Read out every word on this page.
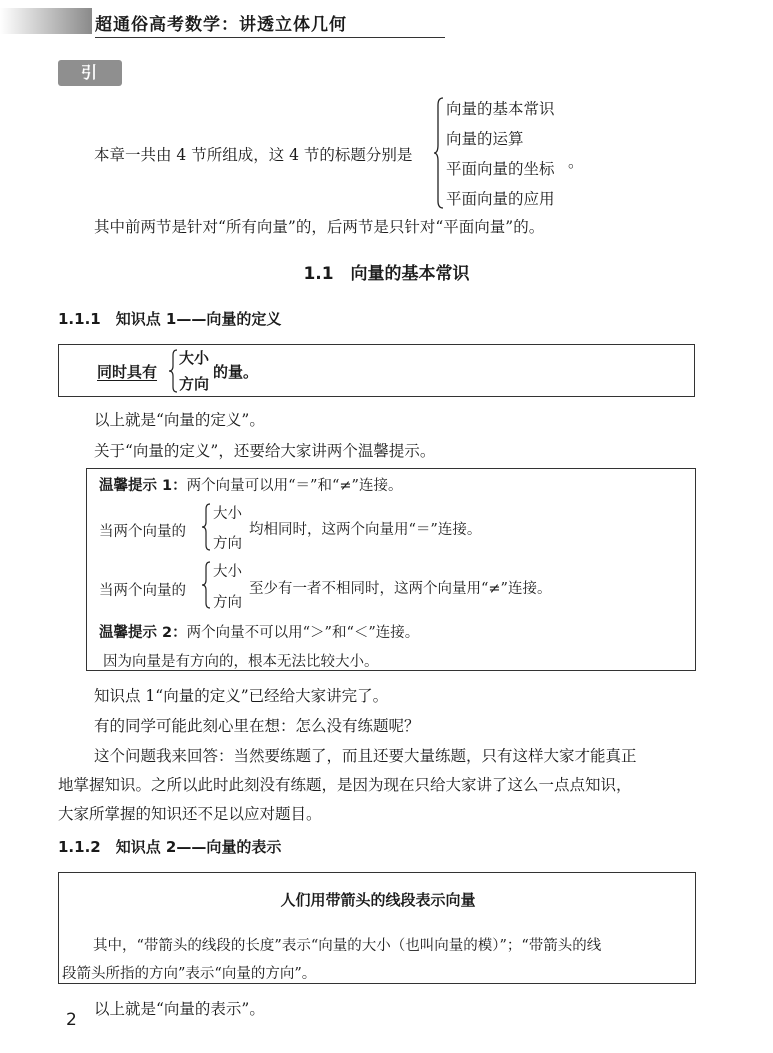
超通俗高考数学：讲透立体几何
引言
本章一共由 4 节所组成，这 4 节的标题分别是
向量的基本常识
向量的运算
平面向量的坐标
平面向量的应用
。
其中前两节是针对“所有向量”的，后两节是只针对“平面向量”的。
1.1　向量的基本常识
1.1.1　知识点 1——向量的定义
同时具有
大小
方向
的量。
以上就是“向量的定义”。
关于“向量的定义”，还要给大家讲两个温馨提示。
温馨提示 1：两个向量可以用“＝”和“≠”连接。
当两个向量的
大小
方向
均相同时，这两个向量用“＝”连接。
当两个向量的
大小
方向
至少有一者不相同时，这两个向量用“≠”连接。
温馨提示 2：两个向量不可以用“＞”和“＜”连接。
因为向量是有方向的，根本无法比较大小。
知识点 1“向量的定义”已经给大家讲完了。
有的同学可能此刻心里在想：怎么没有练题呢？
这个问题我来回答：当然要练题了，而且还要大量练题，只有这样大家才能真正
地掌握知识。之所以此时此刻没有练题，是因为现在只给大家讲了这么一点点知识，
大家所掌握的知识还不足以应对题目。
1.1.2　知识点 2——向量的表示
人们用带箭头的线段表示向量
其中，“带箭头的线段的长度”表示“向量的大小（也叫向量的模）”；“带箭头的线
段箭头所指的方向”表示“向量的方向”。
以上就是“向量的表示”。
2
